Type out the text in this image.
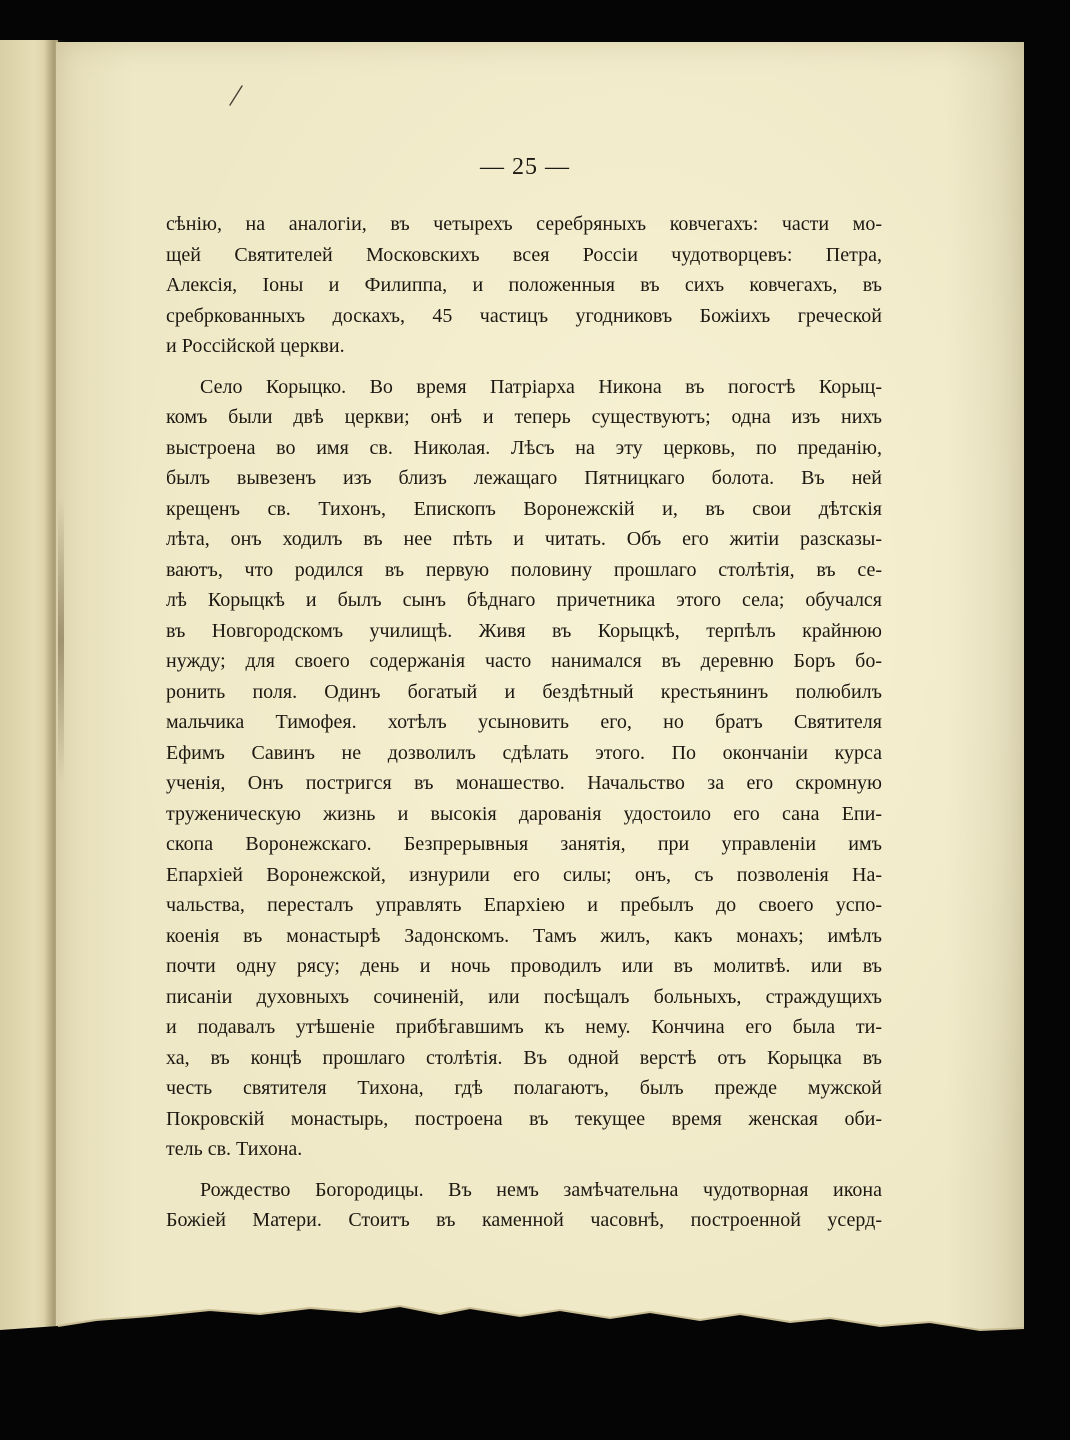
— 25 —

сѣнію, на аналогіи, въ четырехъ серебряныхъ ковчегахъ: части мо-
щей Святителей Московскихъ всея Россіи чудотворцевъ: Петра,
Алексія, Іоны и Филиппа, и положенныя въ сихъ ковчегахъ, въ
сребркованныхъ доскахъ, 45 частицъ угодниковъ Божіихъ греческой
и Россійской церкви.

Село Корыцко. Во время Патріарха Никона въ погостѣ Корыц-
комъ были двѣ церкви; онѣ и теперь существуютъ; одна изъ нихъ
выстроена во имя св. Николая. Лѣсъ на эту церковь, по преданію,
былъ вывезенъ изъ близъ лежащаго Пятницкаго болота. Въ ней
крещенъ св. Тихонъ, Епископъ Воронежскій и, въ свои дѣтскія
лѣта, онъ ходилъ въ нее пѣть и читать. Объ его житіи разсказы-
ваютъ, что родился въ первую половину прошлаго столѣтія, въ се-
лѣ Корыцкѣ и былъ сынъ бѣднаго причетника этого села; обучался
въ Новгородскомъ училищѣ. Живя въ Корыцкѣ, терпѣлъ крайнюю
нужду; для своего содержанія часто нанимался въ деревню Боръ бо-
ронить поля. Одинъ богатый и бездѣтный крестьянинъ полюбилъ
мальчика Тимофея. хотѣлъ усыновить его, но братъ Святителя
Ефимъ Савинъ не дозволилъ сдѣлать этого. По окончаніи курса
ученія, Онъ постригся въ монашество. Начальство за его скромную
труженическую жизнь и высокія дарованія удостоило его сана Епи-
скопа Воронежскаго. Безпрерывныя занятія, при управленіи имъ
Епархіей Воронежской, изнурили его силы; онъ, съ позволенія На-
чальства, пересталъ управлять Епархіею и пребылъ до своего успо-
коенія въ монастырѣ Задонскомъ. Тамъ жилъ, какъ монахъ; имѣлъ
почти одну рясу; день и ночь проводилъ или въ молитвѣ. или въ
писаніи духовныхъ сочиненій, или посѣщалъ больныхъ, страждущихъ
и подавалъ утѣшеніе прибѣгавшимъ къ нему. Кончина его была ти-
ха, въ концѣ прошлаго столѣтія. Въ одной верстѣ отъ Корыцка въ
честь святителя Тихона, гдѣ полагаютъ, былъ прежде мужской
Покровскій монастырь, построена въ текущее время женская оби-
тель св. Тихона.

Рождество Богородицы. Въ немъ замѣчательна чудотворная икона
Божіей Матери. Стоитъ въ каменной часовнѣ, построенной усерд-
